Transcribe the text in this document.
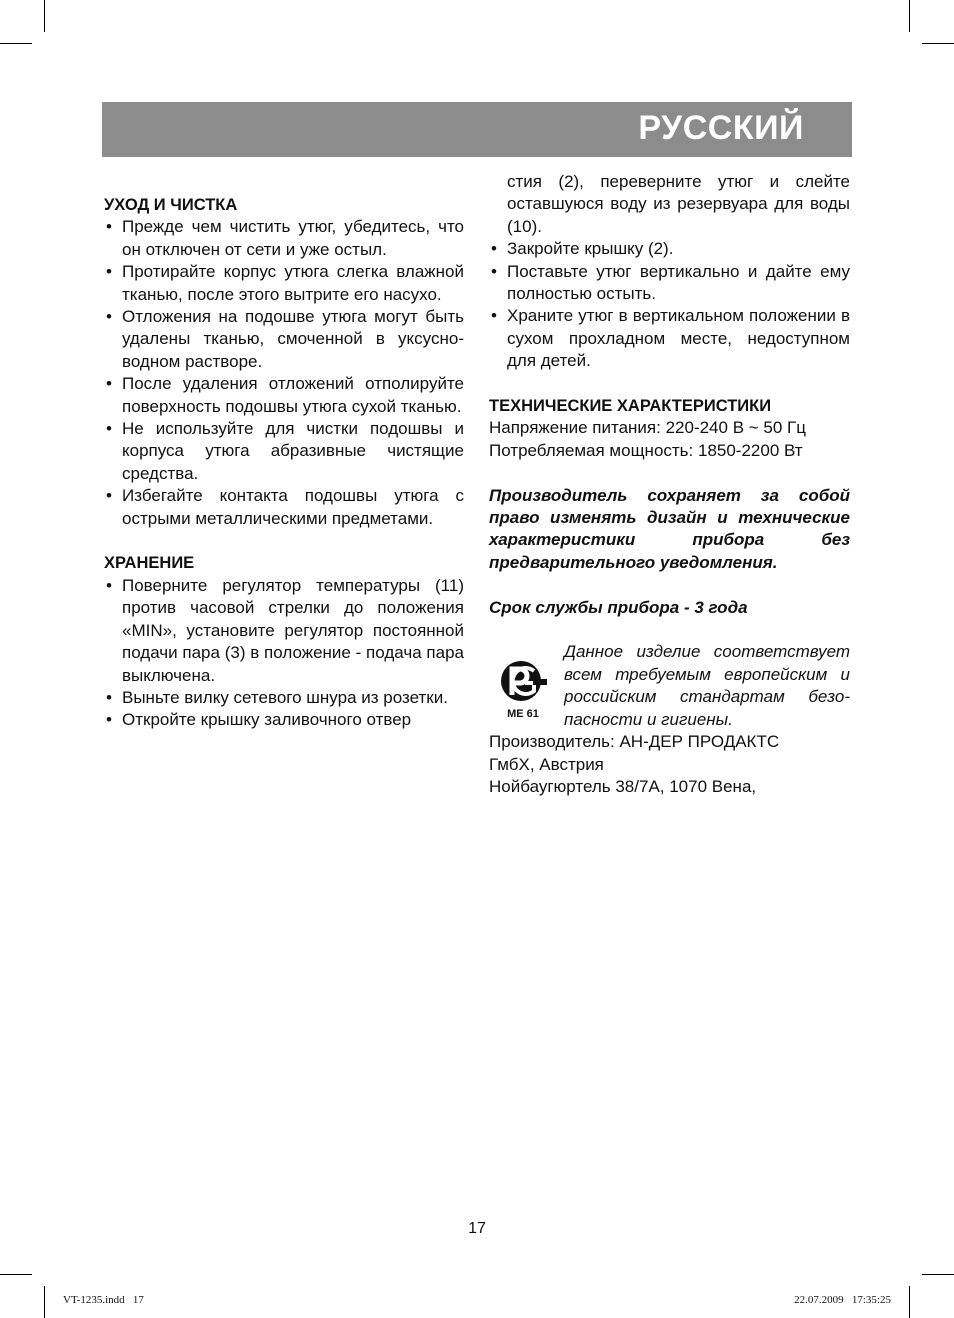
РУССКИЙ

УХОД И ЧИСТКА

• Прежде чем чистить утюг, убедитесь, что он отключен от сети и уже остыл.
• Протирайте корпус утюга слегка влажной тканью, после этого вытрите его насухо.
• Отложения на подошве утюга могут быть удалены тканью, смоченной в уксусно-водном растворе.
• После удаления отложений отполируйте поверхность подошвы утюга сухой тканью.
• Не используйте для чистки подошвы и корпуса утюга абразивные чистящие средства.
• Избегайте контакта подошвы утюга с острыми металлическими предметами.

ХРАНЕНИЕ

• Поверните регулятор температуры (11) против часовой стрелки до положения «MIN», установите регулятор постоянной подачи пара (3) в положение - подача пара выключена.
• Выньте вилку сетевого шнура из розетки.
• Откройте крышку заливочного отвер

стия (2), переверните утюг и слейте оставшуюся воду из резервуара для воды (10).

• Закройте крышку (2).
• Поставьте утюг вертикально и дайте ему полностью остыть.
• Храните утюг в вертикальном положении в сухом прохладном месте, недоступном для детей.

ТЕХНИЧЕСКИЕ ХАРАКТЕРИСТИКИ

Напряжение питания: 220-240 В ~ 50 Гц

Потребляемая мощность: 1850-2200 Вт

Производитель сохраняет за собой право изменять дизайн и технические характеристики прибора без предварительного уведомления.

Срок службы прибора - 3 года

МЕ 61

Данное изделие соответствует всем требуемым европейским и российским стандартам безопасности и гигиены.

Производитель: АН-ДЕР ПРОДАКТС

ГмбХ, Австрия

Нойбаугюртель 38/7А, 1070 Вена,

17
VT-1235.indd   17	22.07.2009   17:35:25
